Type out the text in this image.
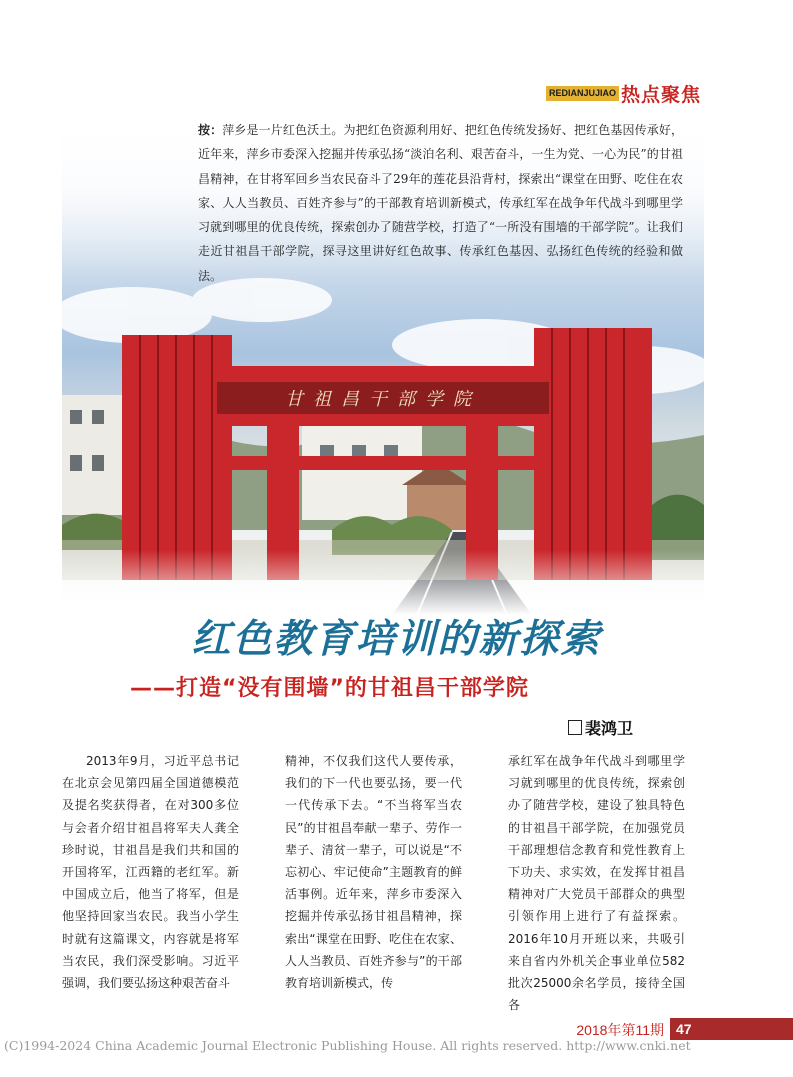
REDIANJUJIAO 热点聚焦
甘祖昌干部学院
按：萍乡是一片红色沃土。为把红色资源利用好、把红色传统发扬好、把红色基因传承好，近年来，萍乡市委深入挖掘并传承弘扬“淡泊名利、艰苦奋斗，一生为党、一心为民”的甘祖昌精神，在甘将军回乡当农民奋斗了29年的莲花县沿背村，探索出“课堂在田野、吃住在农家、人人当教员、百姓齐参与”的干部教育培训新模式，传承红军在战争年代战斗到哪里学习就到哪里的优良传统，探索创办了随营学校，打造了“一所没有围墙的干部学院”。让我们走近甘祖昌干部学院，探寻这里讲好红色故事、传承红色基因、弘扬红色传统的经验和做法。
红色教育培训的新探索
——打造“没有围墙”的甘祖昌干部学院
裴鸿卫
2013年9月，习近平总书记在北京会见第四届全国道德模范及提名奖获得者，在对300多位与会者介绍甘祖昌将军夫人龚全珍时说，甘祖昌是我们共和国的开国将军，江西籍的老红军。新中国成立后，他当了将军，但是他坚持回家当农民。我当小学生时就有这篇课文，内容就是将军当农民，我们深受影响。习近平强调，我们要弘扬这种艰苦奋斗
精神，不仅我们这代人要传承，我们的下一代也要弘扬，要一代一代传承下去。“不当将军当农民”的甘祖昌奉献一辈子、劳作一辈子、清贫一辈子，可以说是“不忘初心、牢记使命”主题教育的鲜活事例。近年来，萍乡市委深入挖掘并传承弘扬甘祖昌精神，探索出“课堂在田野、吃住在农家、人人当教员、百姓齐参与”的干部教育培训新模式，传
承红军在战争年代战斗到哪里学习就到哪里的优良传统，探索创办了随营学校，建设了独具特色的甘祖昌干部学院，在加强党员干部理想信念教育和党性教育上下功夫、求实效，在发挥甘祖昌精神对广大党员干部群众的典型引领作用上进行了有益探索。2016年10月开班以来，共吸引来自省内外机关企事业单位582批次25000余名学员，接待全国各
2018年第11期 47
(C)1994-2024 China Academic Journal Electronic Publishing House. All rights reserved. http://www.cnki.net
